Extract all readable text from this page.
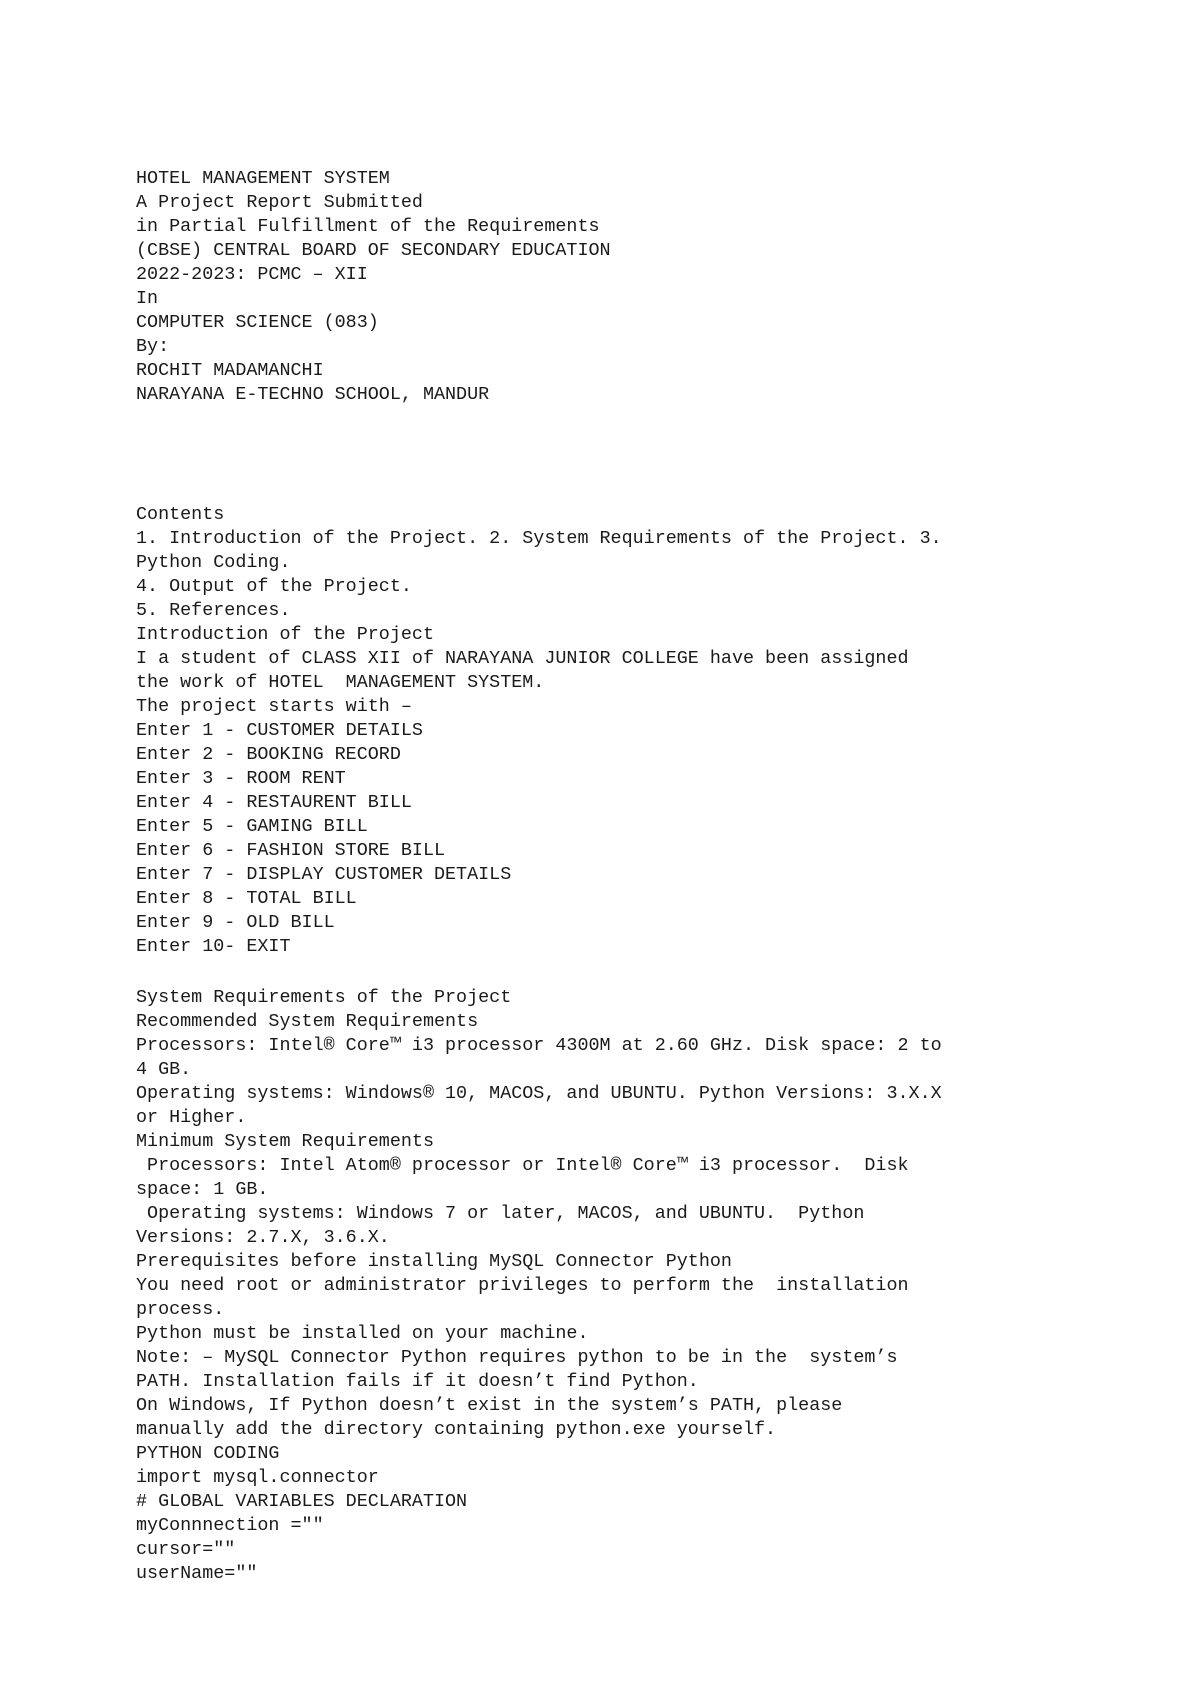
HOTEL MANAGEMENT SYSTEM
A Project Report Submitted
in Partial Fulfillment of the Requirements
(CBSE) CENTRAL BOARD OF SECONDARY EDUCATION
2022-2023: PCMC – XII
In
COMPUTER SCIENCE (083)
By:
ROCHIT MADAMANCHI
NARAYANA E-TECHNO SCHOOL, MANDUR
Contents
1. Introduction of the Project. 2. System Requirements of the Project. 3.
Python Coding.
4. Output of the Project.
5. References.
Introduction of the Project
I a student of CLASS XII of NARAYANA JUNIOR COLLEGE have been assigned
the work of HOTEL  MANAGEMENT SYSTEM.
The project starts with –
Enter 1 - CUSTOMER DETAILS
Enter 2 - BOOKING RECORD
Enter 3 - ROOM RENT
Enter 4 - RESTAURENT BILL
Enter 5 - GAMING BILL
Enter 6 - FASHION STORE BILL
Enter 7 - DISPLAY CUSTOMER DETAILS
Enter 8 - TOTAL BILL
Enter 9 - OLD BILL
Enter 10- EXIT
System Requirements of the Project
Recommended System Requirements
Processors: Intel® Core™ i3 processor 4300M at 2.60 GHz. Disk space: 2 to
4 GB.
Operating systems: Windows® 10, MACOS, and UBUNTU. Python Versions: 3.X.X
or Higher.
Minimum System Requirements
Processors: Intel Atom® processor or Intel® Core™ i3 processor.  Disk
space: 1 GB.
Operating systems: Windows 7 or later, MACOS, and UBUNTU.  Python
Versions: 2.7.X, 3.6.X.
Prerequisites before installing MySQL Connector Python
You need root or administrator privileges to perform the  installation
process.
Python must be installed on your machine.
Note: – MySQL Connector Python requires python to be in the  system’s
PATH. Installation fails if it doesn’t find Python.
On Windows, If Python doesn’t exist in the system’s PATH, please
manually add the directory containing python.exe yourself.
PYTHON CODING
import mysql.connector
# GLOBAL VARIABLES DECLARATION
myConnnection =""
cursor=""
userName=""
